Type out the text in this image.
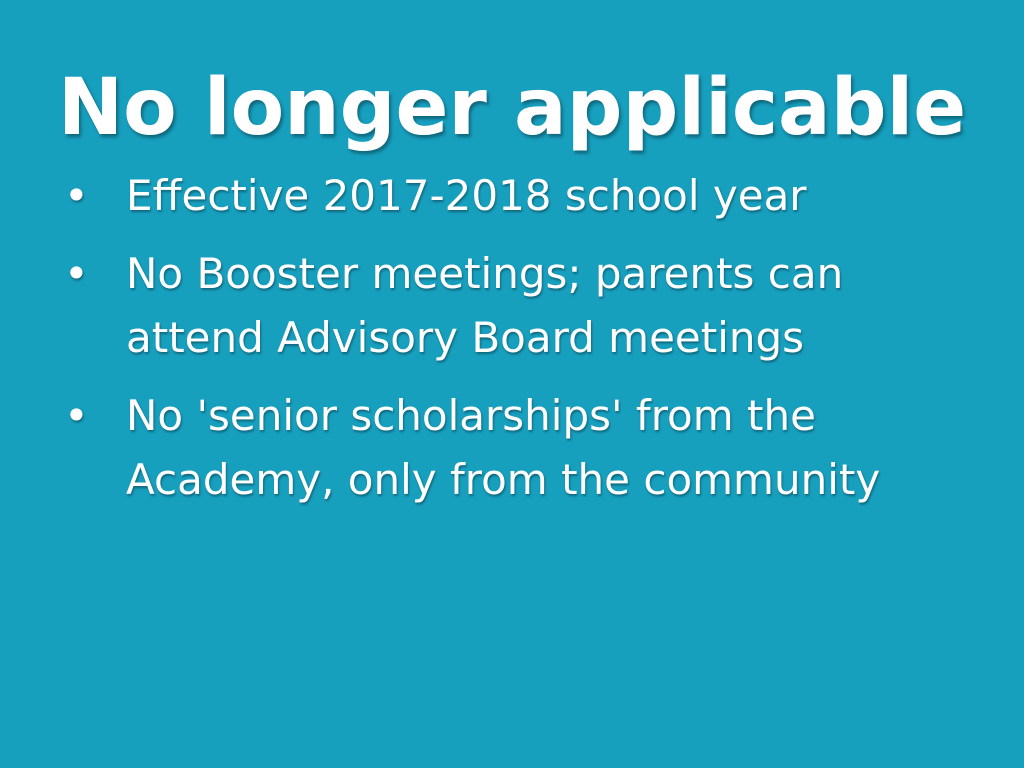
No longer applicable
• Effective 2017-2018 school year
• No Booster meetings; parents can attend Advisory Board meetings
• No 'senior scholarships' from the Academy, only from the community
